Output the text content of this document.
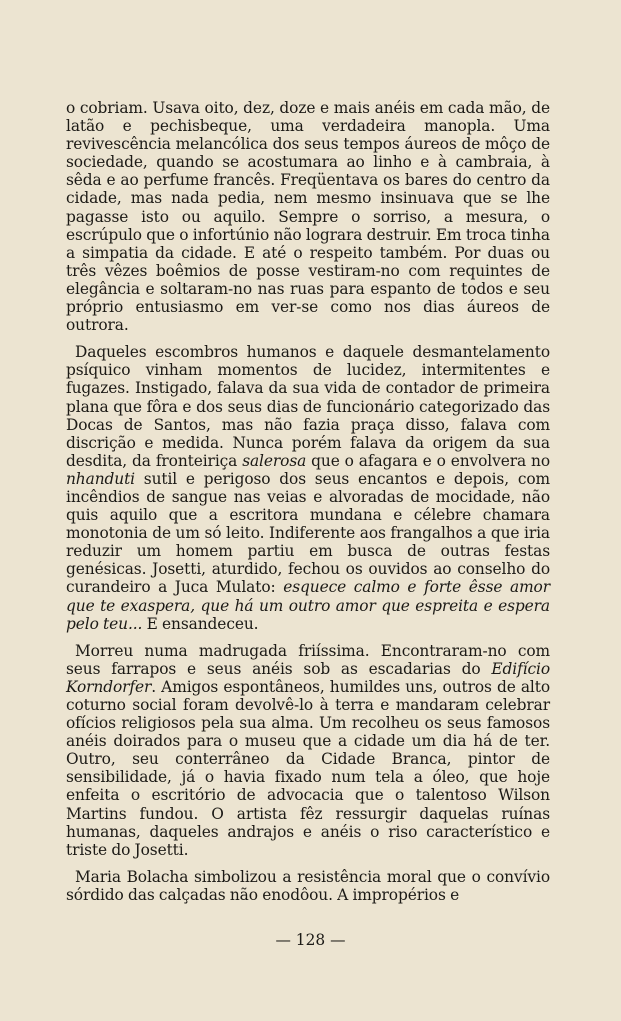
o cobriam. Usava oito, dez, doze e mais anéis em cada mão, de latão e pechisbeque, uma verdadeira manopla. Uma revivescência melancólica dos seus tempos áureos de môço de sociedade, quando se acostumara ao linho e à cambraia, à sêda e ao perfume francês. Freqüentava os bares do centro da cidade, mas nada pedia, nem mesmo insinuava que se lhe pagasse isto ou aquilo. Sempre o sorriso, a mesura, o escrúpulo que o infortúnio não lograra destruir. Em troca tinha a simpatia da cidade. E até o respeito também. Por duas ou três vêzes boêmios de posse vestiram-no com requintes de elegância e soltaram-no nas ruas para espanto de todos e seu próprio entusiasmo em ver-se como nos dias áureos de outrora.

Daqueles escombros humanos e daquele desmantelamento psíquico vinham momentos de lucidez, intermitentes e fugazes. Instigado, falava da sua vida de contador de primeira plana que fôra e dos seus dias de funcionário categorizado das Docas de Santos, mas não fazia praça disso, falava com discrição e medida. Nunca porém falava da origem da sua desdita, da fronteiriça salerosa que o afagara e o envolvera no nhanduti sutil e perigoso dos seus encantos e depois, com incêndios de sangue nas veias e alvoradas de mocidade, não quis aquilo que a escritora mundana e célebre chamara monotonia de um só leito. Indiferente aos frangalhos a que iria reduzir um homem partiu em busca de outras festas genésicas. Josetti, aturdido, fechou os ouvidos ao conselho do curandeiro a Juca Mulato: esquece calmo e forte êsse amor que te exaspera, que há um outro amor que espreita e espera pelo teu... E ensandeceu.

Morreu numa madrugada friíssima. Encontraram-no com seus farrapos e seus anéis sob as escadarias do Edifício Korndorfer. Amigos espontâneos, humildes uns, outros de alto coturno social foram devolvê-lo à terra e mandaram celebrar ofícios religiosos pela sua alma. Um recolheu os seus famosos anéis doirados para o museu que a cidade um dia há de ter. Outro, seu conterrâneo da Cidade Branca, pintor de sensibilidade, já o havia fixado num tela a óleo, que hoje enfeita o escritório de advocacia que o talentoso Wilson Martins fundou. O artista fêz ressurgir daquelas ruínas humanas, daqueles andrajos e anéis o riso característico e triste do Josetti.

Maria Bolacha simbolizou a resistência moral que o convívio sórdido das calçadas não enodôou. A impropérios e

— 128 —
